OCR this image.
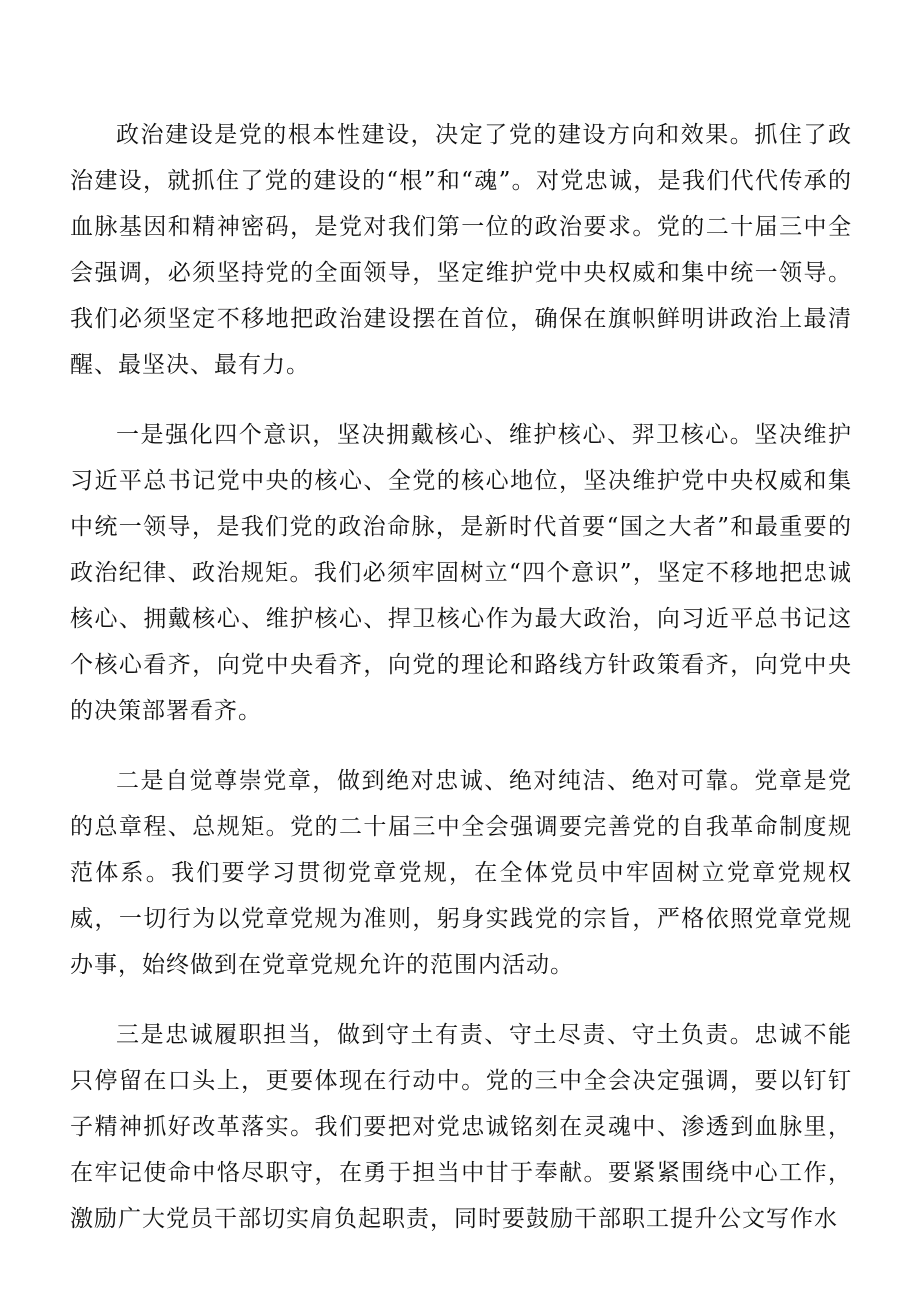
政治建设是党的根本性建设，决定了党的建设方向和效果。抓住了政治建设，就抓住了党的建设的“根”和“魂”。对党忠诚，是我们代代传承的血脉基因和精神密码，是党对我们第一位的政治要求。党的二十届三中全会强调，必须坚持党的全面领导，坚定维护党中央权威和集中统一领导。我们必须坚定不移地把政治建设摆在首位，确保在旗帜鲜明讲政治上最清醒、最坚决、最有力。

一是强化四个意识，坚决拥戴核心、维护核心、羿卫核心。坚决维护习近平总书记党中央的核心、全党的核心地位，坚决维护党中央权威和集中统一领导，是我们党的政治命脉，是新时代首要“国之大者”和最重要的政治纪律、政治规矩。我们必须牢固树立“四个意识”，坚定不移地把忠诚核心、拥戴核心、维护核心、捍卫核心作为最大政治，向习近平总书记这个核心看齐，向党中央看齐，向党的理论和路线方针政策看齐，向党中央的决策部署看齐。

二是自觉尊崇党章，做到绝对忠诚、绝对纯洁、绝对可靠。党章是党的总章程、总规矩。党的二十届三中全会强调要完善党的自我革命制度规范体系。我们要学习贯彻党章党规，在全体党员中牢固树立党章党规权威，一切行为以党章党规为准则，躬身实践党的宗旨，严格依照党章党规办事，始终做到在党章党规允许的范围内活动。

三是忠诚履职担当，做到守土有责、守土尽责、守土负责。忠诚不能只停留在口头上，更要体现在行动中。党的三中全会决定强调，要以钉钉子精神抓好改革落实。我们要把对党忠诚铭刻在灵魂中、渗透到血脉里，在牢记使命中恪尽职守，在勇于担当中甘于奉献。要紧紧围绕中心工作，激励广大党员干部切实肩负起职责，同时要鼓励干部职工提升公文写作水
